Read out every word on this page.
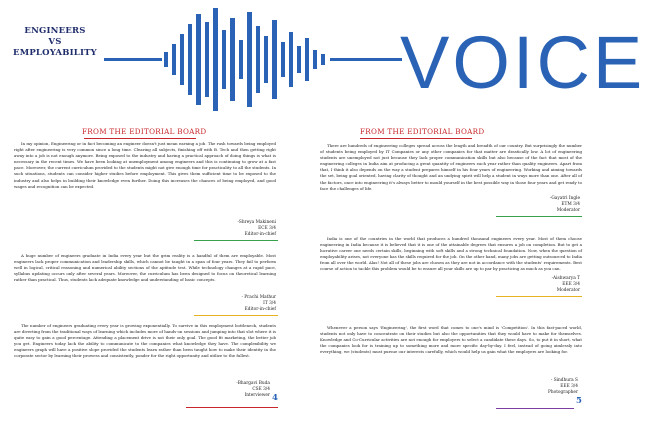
ENGINEERS
VS
EMPLOYABILITY	VOICE
FROM THE EDITORIAL BOARD
In my opinion, Engineering or in fact becoming an engineer doesn't just mean earning a job. The rush towards being employed right after engineering is very common since a long time. Clearing all subjects, finishing off with B. Tech and then getting right away into a job is not enough anymore. Being exposed to the industry and having a practical approach of doing things is what is necessary in the recent times. We have been looking at unemployment among engineers and this is continuing to grow at a fast pace. Moreover, the current curriculum provided to the students might not give enough time for practicality to all the students. In such situations, students can consider higher studies before employment. This gives them sufficient time to be exposed to the industry and also helps in building their knowledge even further. Doing this increases the chances of being employed, and good wages and recognition can be expected.
-Shreya Makineni
ECE 3/4
Editor-in-chief
A huge number of engineers graduate in India every year but the grim reality is a handful of them are employable. Most engineers lack proper communication and leadership skills, which cannot be taught in a span of four years. They fail to perform well in logical, critical reasoning and numerical ability sections of the aptitude test. While technology changes at a rapid pace, syllabus updating occurs only after several years. Moreover, the curriculum has been designed to focus on theoretical learning rather than practical. Thus, students lack adequate knowledge and understanding of basic concepts.
- Prachi Mathur
IT 3/4
Editor-in-chief
The number of engineers graduating every year is growing exponentially. To survive in this employment bottleneck, students are diverting from the traditional ways of learning which includes more of hands-on sessions and jumping into that slot where it is quite easy to gain a good percentage. Attending a placement drive is not their only goal. The good fit marketing, the better job you get. Engineers today lack the ability to communicate to the companies what knowledge they have. The complexibility we engineers graph will have a positive slope provided the students learn rather than been taught how to make their identity in the corporate sector by learning their prowess and consistently, ponder for the right opportunity and utilize to the fullest.
-Bhargavi Buda
CSE 3/4
Interviewer 4
FROM THE EDITORIAL BOARD
There are hundreds of engineering colleges spread across the length and breadth of our country. But surprisingly the number of students being employed by IT Companies or any other companies for that matter are drastically low. A lot of engineering students are unemployed not just because they lack proper communication skills but also because of the fact that most of the engineering colleges in India aim at producing a great quantity of engineers each year rather than quality engineers. Apart from that, I think it also depends on the way a student prepares himself in his four years of engineering. Working and aiming towards the set, being goal oriented, having clarity of thought and an undying spirit will help a student in ways more than one. After all of the factors, once into engineering it's always better to mould yourself in the best possible way in those four years and get ready to face the challenges of life.
-Gayatri Ingle
ETM 3/4
Moderator
India is one of the countries in the world that produces a hundred thousand engineers every year. Most of them choose engineering in India because it is believed that it is one of the attainable degrees that ensures a job on completion. But to get a lucrative career one needs certain skills, beginning with soft skills and a strong technical foundation. Now, when the question of employability arises, not everyone has the skills required for the job. On the other hand, many jobs are getting outsourced to India from all over the world. Alas! Not all of these jobs are chosen as they are not in accordance with the students' requirements. Best course of action to tackle this problem would be to ensure all your skills are up to par by practicing as much as you can.
-Aishwarya T
EEE 3/4
Moderator
Whenever a person says 'Engineering', the first word that comes to one's mind is 'Competition'. In this fast-paced world, students not only have to concentrate on their studies but also the opportunities that they would have to make for themselves. Knowledge and Co-Curricular activities are not enough for employers to select a candidate these days. So, to put it in short, what the companies look for is training up to something more and more specific day-by-day. I feel, instead of going aimlessly into everything, we (students) must pursue our interests carefully, which would help us gain what the employers are looking for.
- Sindhura S
EEE 3/4
Photographer
5
